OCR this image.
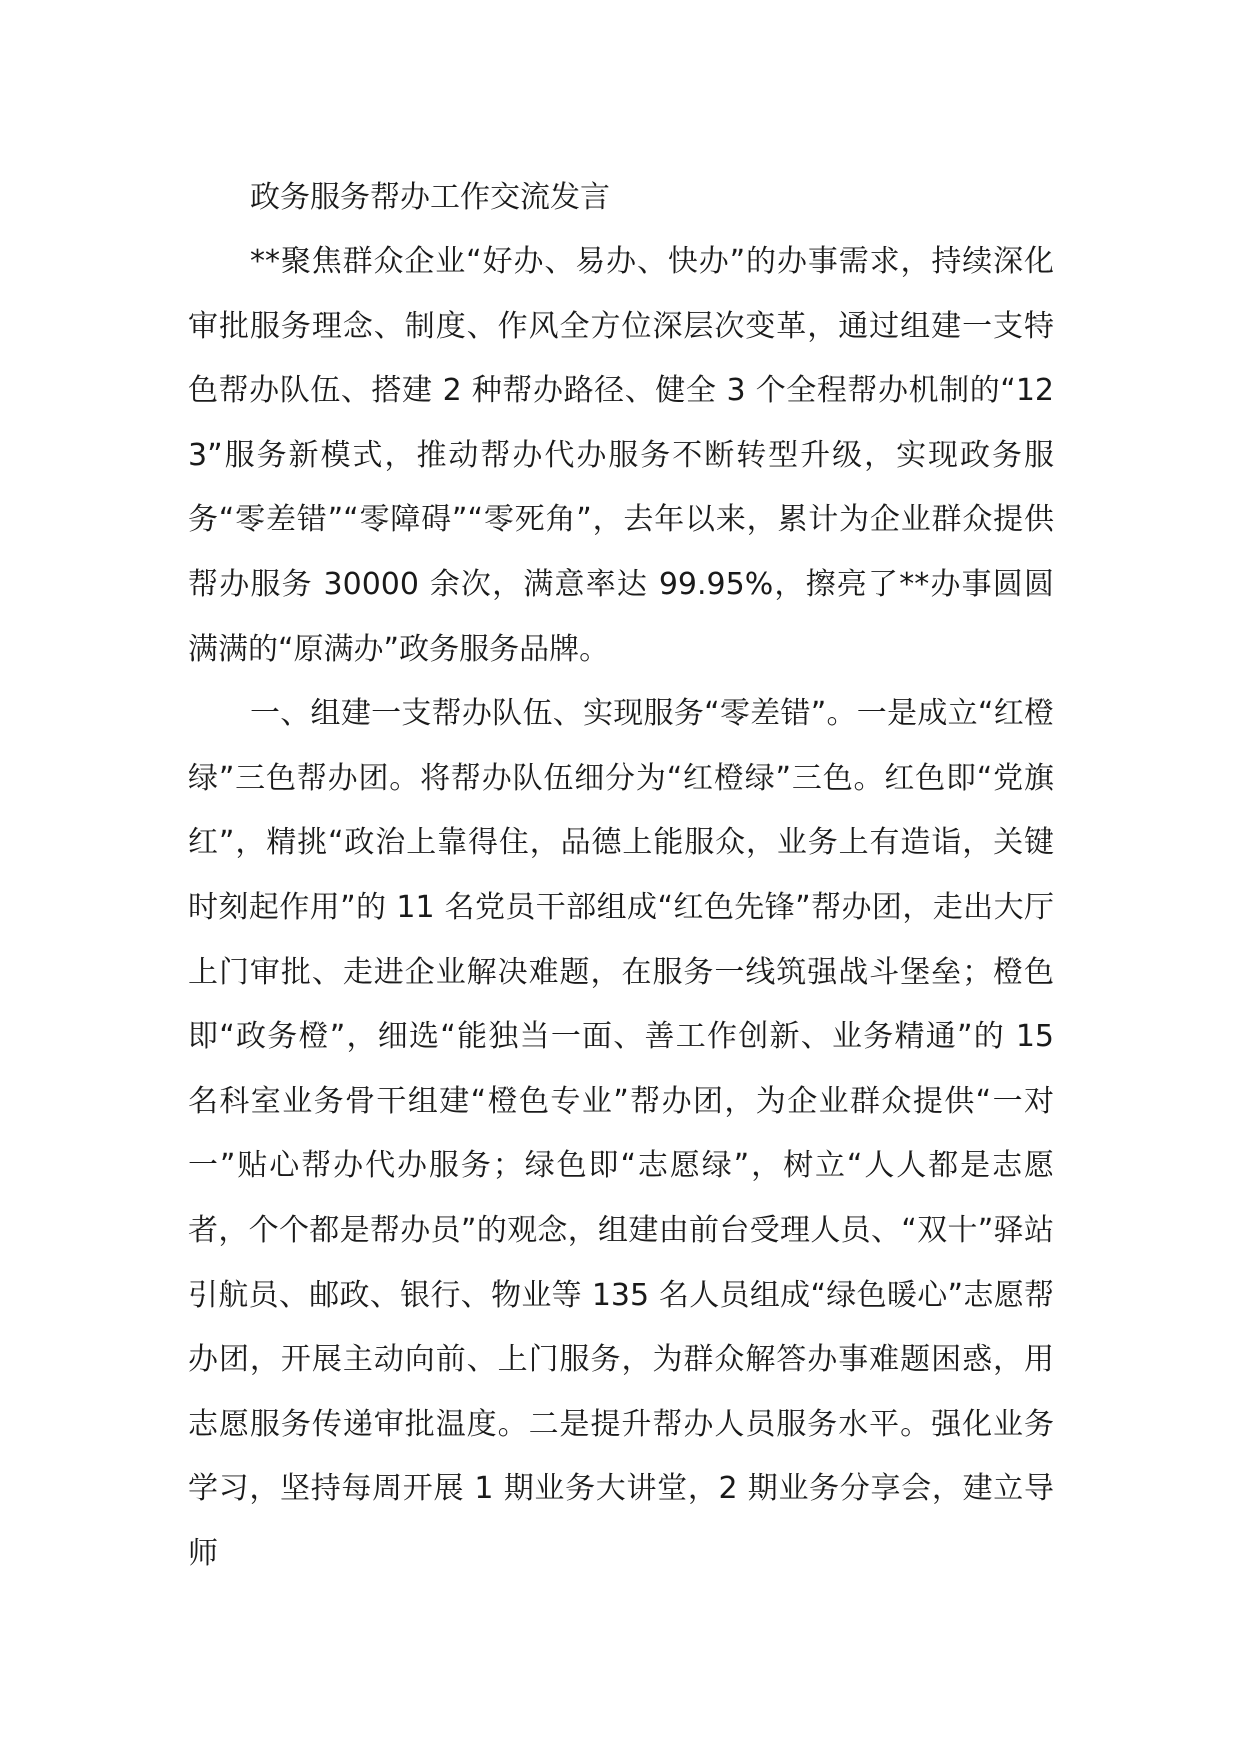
政务服务帮办工作交流发言

**聚焦群众企业“好办、易办、快办”的办事需求，持续深化审批服务理念、制度、作风全方位深层次变革，通过组建一支特色帮办队伍、搭建 2 种帮办路径、健全 3 个全程帮办机制的“123”服务新模式，推动帮办代办服务不断转型升级，实现政务服务“零差错”“零障碍”“零死角”，去年以来，累计为企业群众提供帮办服务 30000 余次，满意率达 99.95%，擦亮了**办事圆圆满满的“原满办”政务服务品牌。

一、组建一支帮办队伍、实现服务“零差错”。一是成立“红橙绿”三色帮办团。将帮办队伍细分为“红橙绿”三色。红色即“党旗红”，精挑“政治上靠得住，品德上能服众，业务上有造诣，关键时刻起作用”的 11 名党员干部组成“红色先锋”帮办团，走出大厅上门审批、走进企业解决难题，在服务一线筑强战斗堡垒；橙色即“政务橙”，细选“能独当一面、善工作创新、业务精通”的 15 名科室业务骨干组建“橙色专业”帮办团，为企业群众提供“一对一”贴心帮办代办服务；绿色即“志愿绿”，树立“人人都是志愿者，个个都是帮办员”的观念，组建由前台受理人员、“双十”驿站引航员、邮政、银行、物业等 135 名人员组成“绿色暖心”志愿帮办团，开展主动向前、上门服务，为群众解答办事难题困惑，用志愿服务传递审批温度。二是提升帮办人员服务水平。强化业务学习，坚持每周开展 1 期业务大讲堂，2 期业务分享会，建立导师
